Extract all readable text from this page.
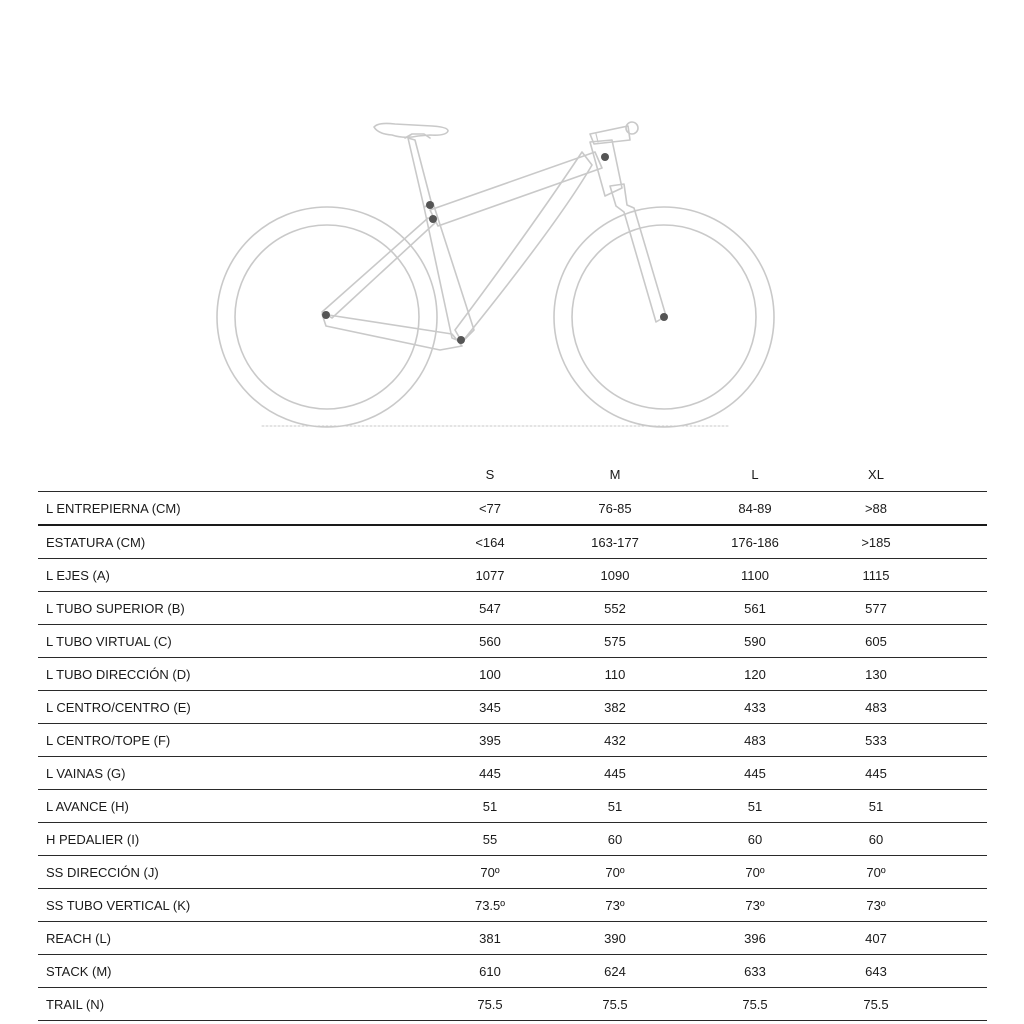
	S	M	L	XL	
L ENTREPIERNA (CM)	<77	76-85	84-89	>88	
ESTATURA (CM)	<164	163-177	176-186	>185	
L EJES (A)	1077	1090	1100	1115	
L TUBO SUPERIOR (B)	547	552	561	577	
L TUBO VIRTUAL (C)	560	575	590	605	
L TUBO DIRECCIÓN (D)	100	110	120	130	
L CENTRO/CENTRO (E)	345	382	433	483	
L CENTRO/TOPE (F)	395	432	483	533	
L VAINAS (G)	445	445	445	445	
L AVANCE (H)	51	51	51	51	
H PEDALIER (I)	55	60	60	60	
SS DIRECCIÓN (J)	70º	70º	70º	70º	
SS TUBO VERTICAL (K)	73.5º	73º	73º	73º	
REACH (L)	381	390	396	407	
STACK (M)	610	624	633	643	
TRAIL (N)	75.5	75.5	75.5	75.5	
